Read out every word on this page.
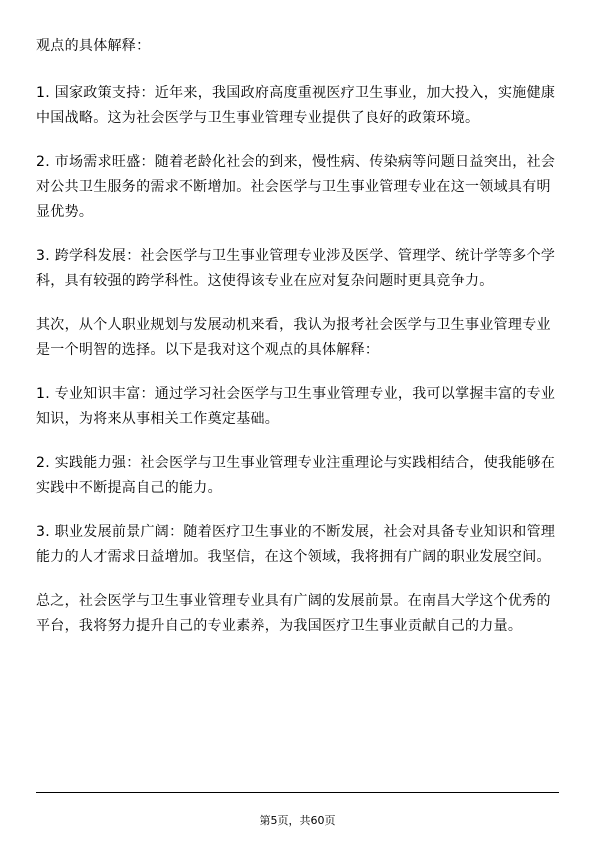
观点的具体解释：

1. 国家政策支持：近年来，我国政府高度重视医疗卫生事业，加大投入，实施健康中国战略。这为社会医学与卫生事业管理专业提供了良好的政策环境。

2. 市场需求旺盛：随着老龄化社会的到来，慢性病、传染病等问题日益突出，社会对公共卫生服务的需求不断增加。社会医学与卫生事业管理专业在这一领域具有明显优势。

3. 跨学科发展：社会医学与卫生事业管理专业涉及医学、管理学、统计学等多个学科，具有较强的跨学科性。这使得该专业在应对复杂问题时更具竞争力。

其次，从个人职业规划与发展动机来看，我认为报考社会医学与卫生事业管理专业是一个明智的选择。以下是我对这个观点的具体解释：

1. 专业知识丰富：通过学习社会医学与卫生事业管理专业，我可以掌握丰富的专业知识，为将来从事相关工作奠定基础。

2. 实践能力强：社会医学与卫生事业管理专业注重理论与实践相结合，使我能够在实践中不断提高自己的能力。

3. 职业发展前景广阔：随着医疗卫生事业的不断发展，社会对具备专业知识和管理能力的人才需求日益增加。我坚信，在这个领域，我将拥有广阔的职业发展空间。

总之，社会医学与卫生事业管理专业具有广阔的发展前景。在南昌大学这个优秀的平台，我将努力提升自己的专业素养，为我国医疗卫生事业贡献自己的力量。

第5页，共60页
